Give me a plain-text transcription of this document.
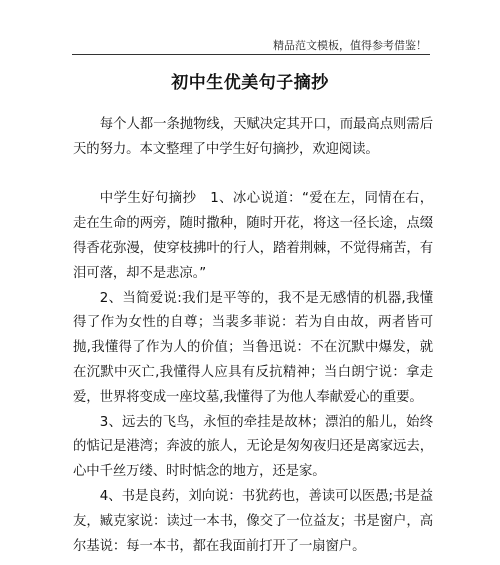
精品范文模板，值得参考借鉴！
初中生优美句子摘抄

每个人都一条抛物线，天赋决定其开口，而最高点则需后天的努力。本文整理了中学生好句摘抄，欢迎阅读。

中学生好句摘抄　1、冰心说道：“爱在左，同情在右，走在生命的两旁，随时撒种，随时开花，将这一径长途，点缀得香花弥漫，使穿枝拂叶的行人，踏着荆棘，不觉得痛苦，有泪可落，却不是悲凉。”

2、当简爱说:我们是平等的，我不是无感情的机器,我懂得了作为女性的自尊；当裴多菲说：若为自由故，两者皆可抛,我懂得了作为人的价值；当鲁迅说：不在沉默中爆发，就在沉默中灭亡,我懂得人应具有反抗精神；当白朗宁说：拿走爱，世界将变成一座坟墓,我懂得了为他人奉献爱心的重要。

3、远去的飞鸟，永恒的牵挂是故林；漂泊的船儿，始终的惦记是港湾；奔波的旅人，无论是匆匆夜归还是离家远去，心中千丝万缕、时时惦念的地方，还是家。

4、书是良药，刘向说：书犹药也，善读可以医愚;书是益友，臧克家说：读过一本书，像交了一位益友；书是窗户，高尔基说：每一本书，都在我面前打开了一扇窗户。
